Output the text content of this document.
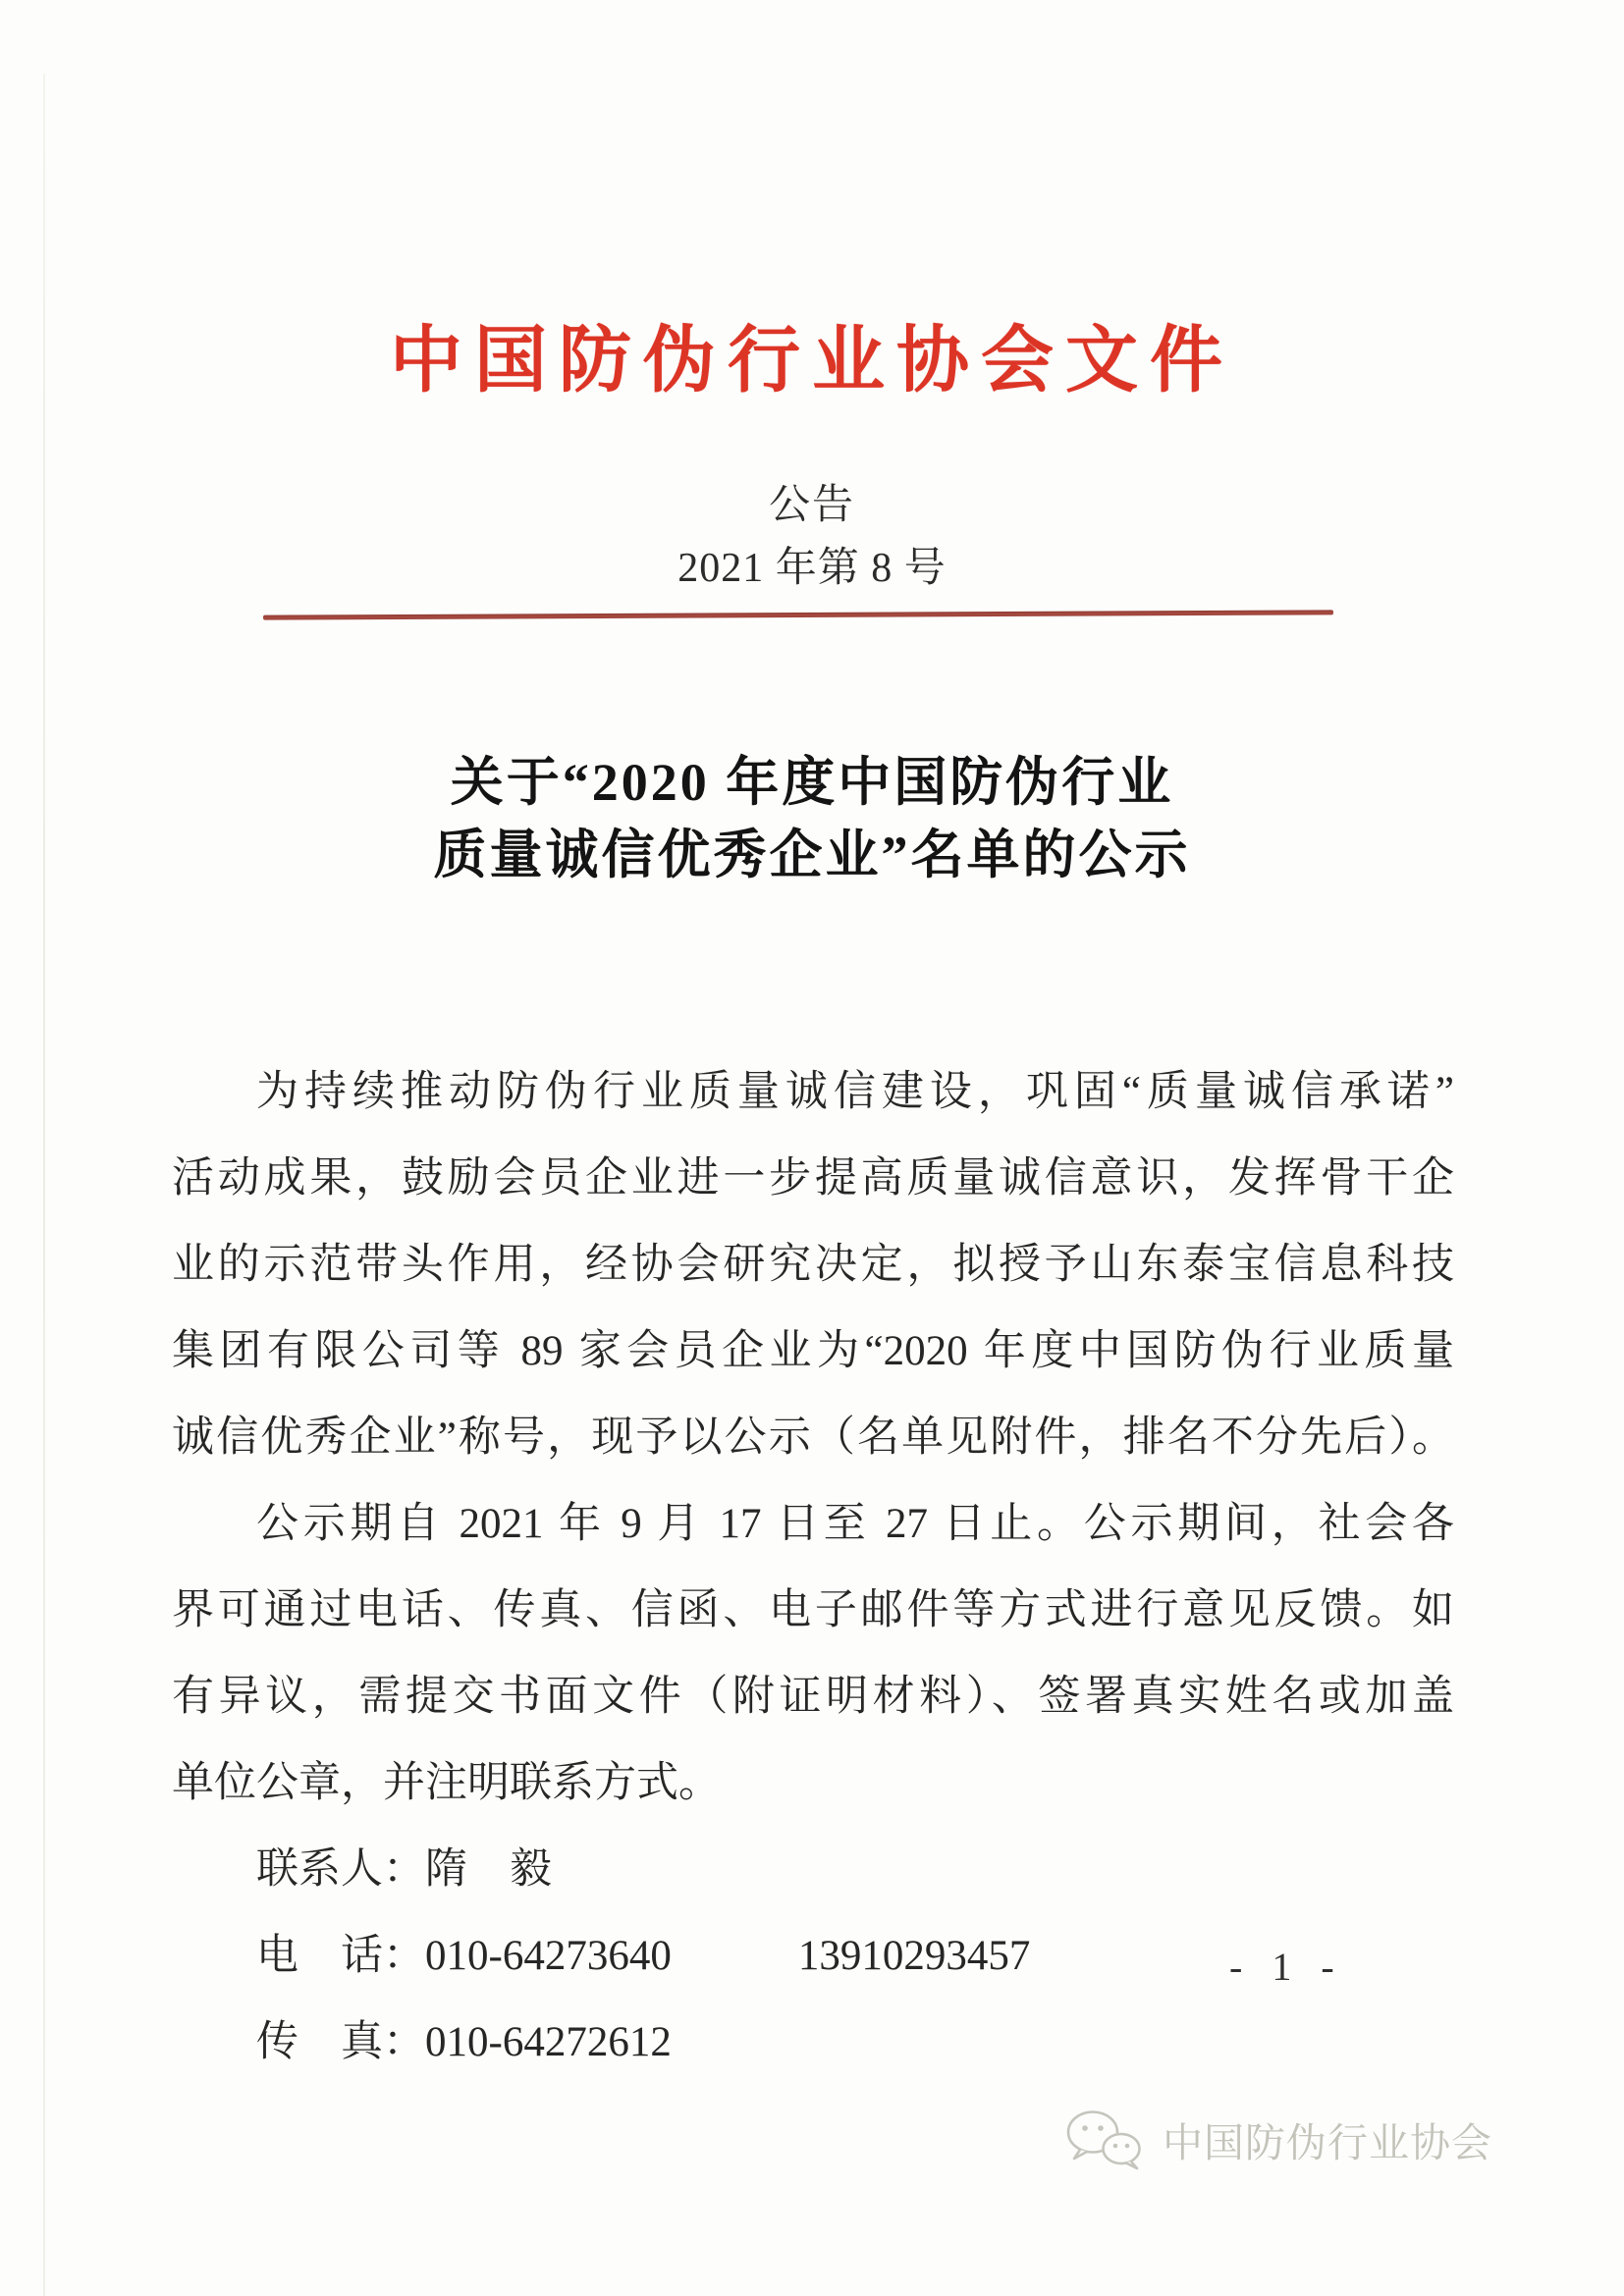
中国防伪行业协会文件
公告
2021 年第 8 号
关于“2020 年度中国防伪行业
质量诚信优秀企业”名单的公示
为持续推动防伪行业质量诚信建设，巩固“质量诚信承诺”
活动成果，鼓励会员企业进一步提高质量诚信意识，发挥骨干企
业的示范带头作用，经协会研究决定，拟授予山东泰宝信息科技
集团有限公司等 89 家会员企业为“2020 年度中国防伪行业质量
诚信优秀企业”称号，现予以公示（名单见附件，排名不分先后）。
公示期自 2021 年 9 月 17 日至 27 日止。公示期间，社会各
界可通过电话、传真、信函、电子邮件等方式进行意见反馈。如
有异议，需提交书面文件（附证明材料）、签署真实姓名或加盖
单位公章，并注明联系方式。
联系人：隋　毅
电　话：010-64273640　　　13910293457
传　真：010-64272612
- 1 -
中国防伪行业协会
